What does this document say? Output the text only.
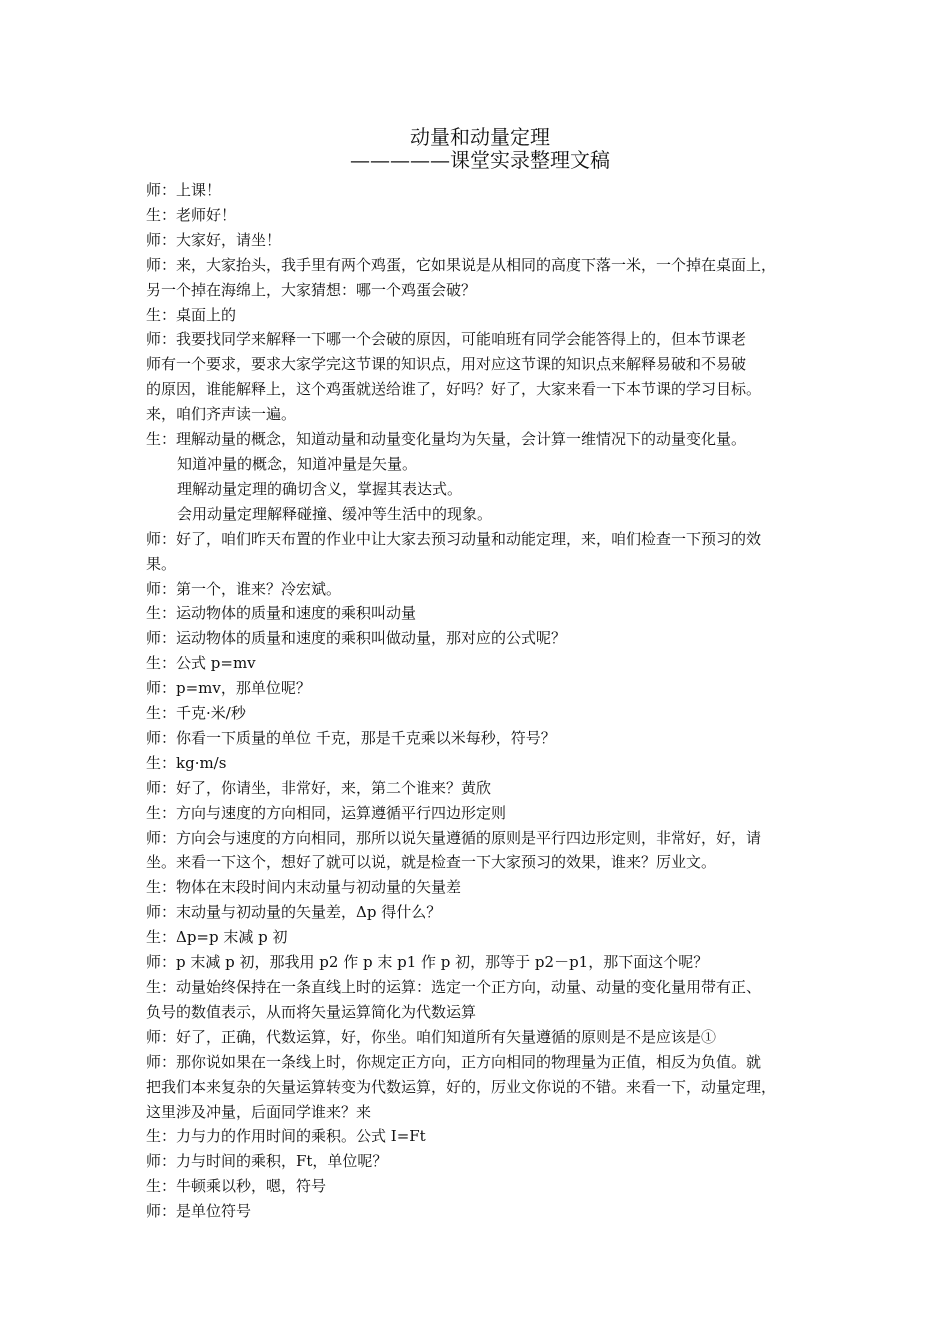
动量和动量定理
—————课堂实录整理文稿
师：上课！
生：老师好！
师：大家好，请坐！
师：来，大家抬头，我手里有两个鸡蛋，它如果说是从相同的高度下落一米，一个掉在桌面上，
另一个掉在海绵上，大家猜想：哪一个鸡蛋会破？
生：桌面上的
师：我要找同学来解释一下哪一个会破的原因，可能咱班有同学会能答得上的，但本节课老
师有一个要求，要求大家学完这节课的知识点，用对应这节课的知识点来解释易破和不易破
的原因，谁能解释上，这个鸡蛋就送给谁了，好吗？好了，大家来看一下本节课的学习目标。
来，咱们齐声读一遍。
生：理解动量的概念，知道动量和动量变化量均为矢量，会计算一维情况下的动量变化量。
知道冲量的概念，知道冲量是矢量。
理解动量定理的确切含义，掌握其表达式。
会用动量定理解释碰撞、缓冲等生活中的现象。
师：好了，咱们昨天布置的作业中让大家去预习动量和动能定理，来，咱们检查一下预习的效
果。
师：第一个，谁来？冷宏斌。
生：运动物体的质量和速度的乘积叫动量
师：运动物体的质量和速度的乘积叫做动量，那对应的公式呢？
生：公式 p=mv
师：p=mv，那单位呢？
生：千克·米/秒
师：你看一下质量的单位 千克，那是千克乘以米每秒，符号？
生：kg·m/s
师：好了，你请坐，非常好，来，第二个谁来？黄欣
生：方向与速度的方向相同，运算遵循平行四边形定则
师：方向会与速度的方向相同，那所以说矢量遵循的原则是平行四边形定则，非常好，好，请
坐。来看一下这个，想好了就可以说，就是检查一下大家预习的效果，谁来？厉业文。
生：物体在末段时间内末动量与初动量的矢量差
师：末动量与初动量的矢量差，Δp 得什么？
生：Δp=p 末减 p 初
师：p 末减 p 初，那我用 p2 作 p 末 p1 作 p 初，那等于 p2－p1，那下面这个呢？
生：动量始终保持在一条直线上时的运算：选定一个正方向，动量、动量的变化量用带有正、
负号的数值表示，从而将矢量运算简化为代数运算
师：好了，正确，代数运算，好，你坐。咱们知道所有矢量遵循的原则是不是应该是①
师：那你说如果在一条线上时，你规定正方向，正方向相同的物理量为正值，相反为负值。就
把我们本来复杂的矢量运算转变为代数运算，好的，厉业文你说的不错。来看一下，动量定理，
这里涉及冲量，后面同学谁来？来
生：力与力的作用时间的乘积。公式 I=Ft
师：力与时间的乘积，Ft，单位呢？
生：牛顿乘以秒，嗯，符号
师：是单位符号
